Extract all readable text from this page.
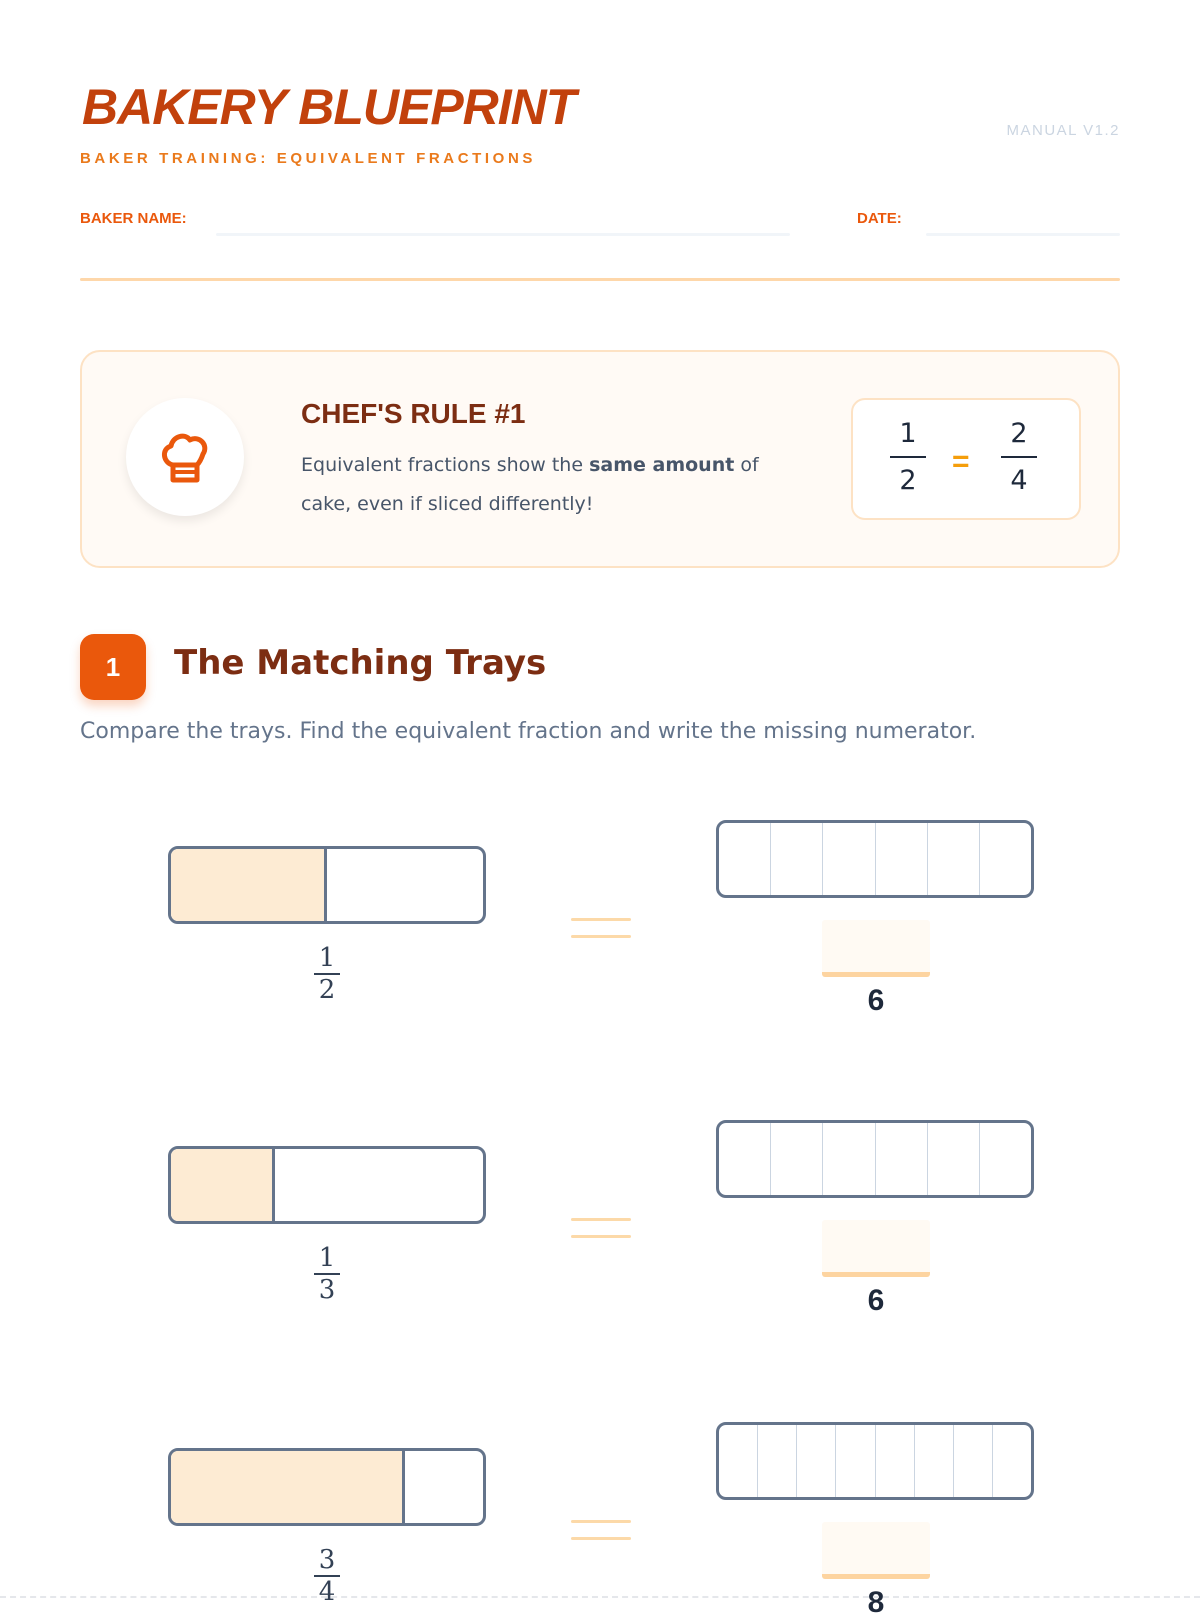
BAKERY BLUEPRINT
BAKER TRAINING: EQUIVALENT FRACTIONS
MANUAL V1.2
BAKER NAME:	DATE:
CHEF'S RULE #1
Equivalent fractions show the same amount of cake, even if sliced differently!
1
2
=
2
4
1	The Matching Trays
Compare the trays. Find the equivalent fraction and write the missing numerator.
1
2	6
1
3	6
3
4	8
